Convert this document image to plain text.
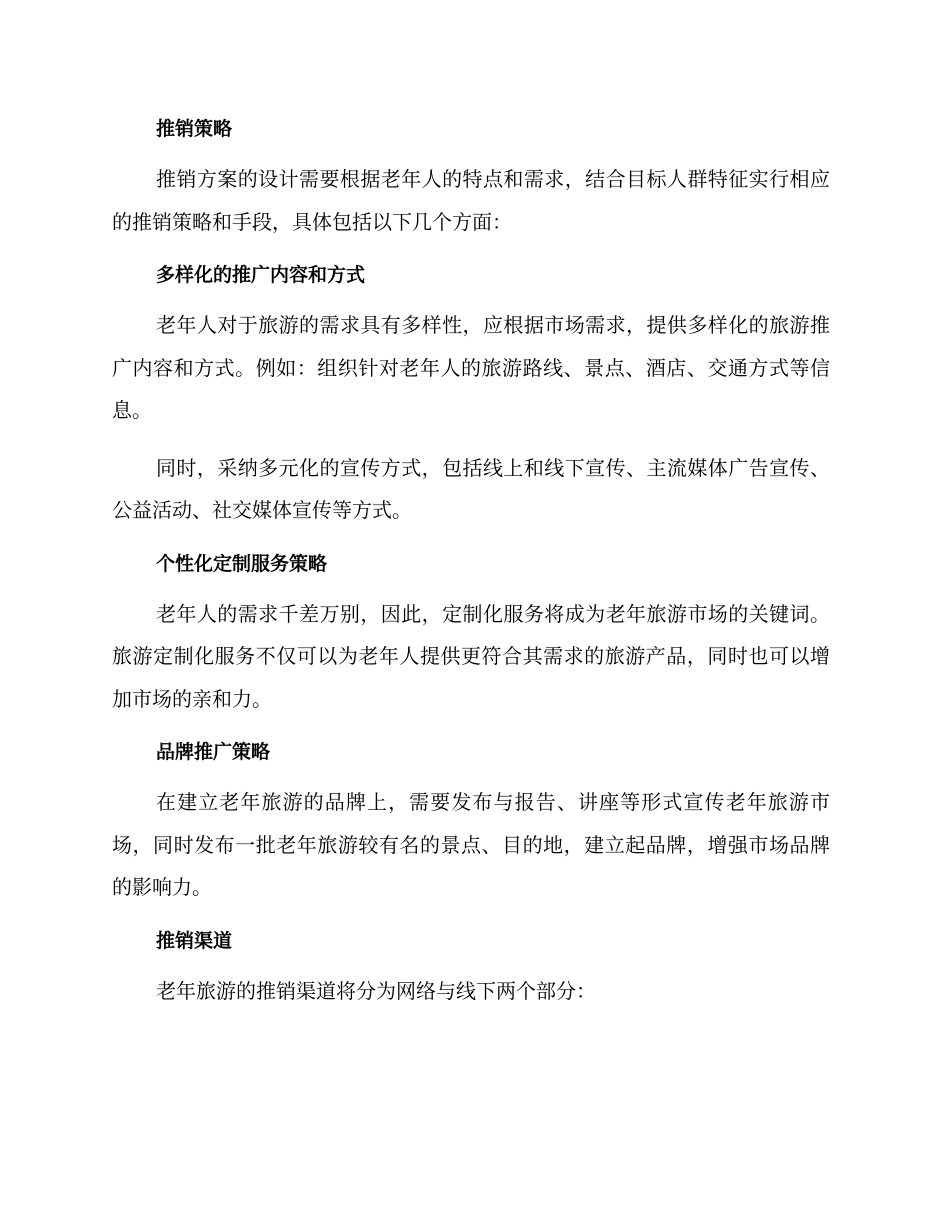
推销策略

推销方案的设计需要根据老年人的特点和需求，结合目标人群特征实行相应的推销策略和手段，具体包括以下几个方面：

多样化的推广内容和方式

老年人对于旅游的需求具有多样性，应根据市场需求，提供多样化的旅游推广内容和方式。例如：组织针对老年人的旅游路线、景点、酒店、交通方式等信息。

同时，采纳多元化的宣传方式，包括线上和线下宣传、主流媒体广告宣传、公益活动、社交媒体宣传等方式。

个性化定制服务策略

老年人的需求千差万别，因此，定制化服务将成为老年旅游市场的关键词。旅游定制化服务不仅可以为老年人提供更符合其需求的旅游产品，同时也可以增加市场的亲和力。

品牌推广策略

在建立老年旅游的品牌上，需要发布与报告、讲座等形式宣传老年旅游市场，同时发布一批老年旅游较有名的景点、目的地，建立起品牌，增强市场品牌的影响力。

推销渠道

老年旅游的推销渠道将分为网络与线下两个部分：
